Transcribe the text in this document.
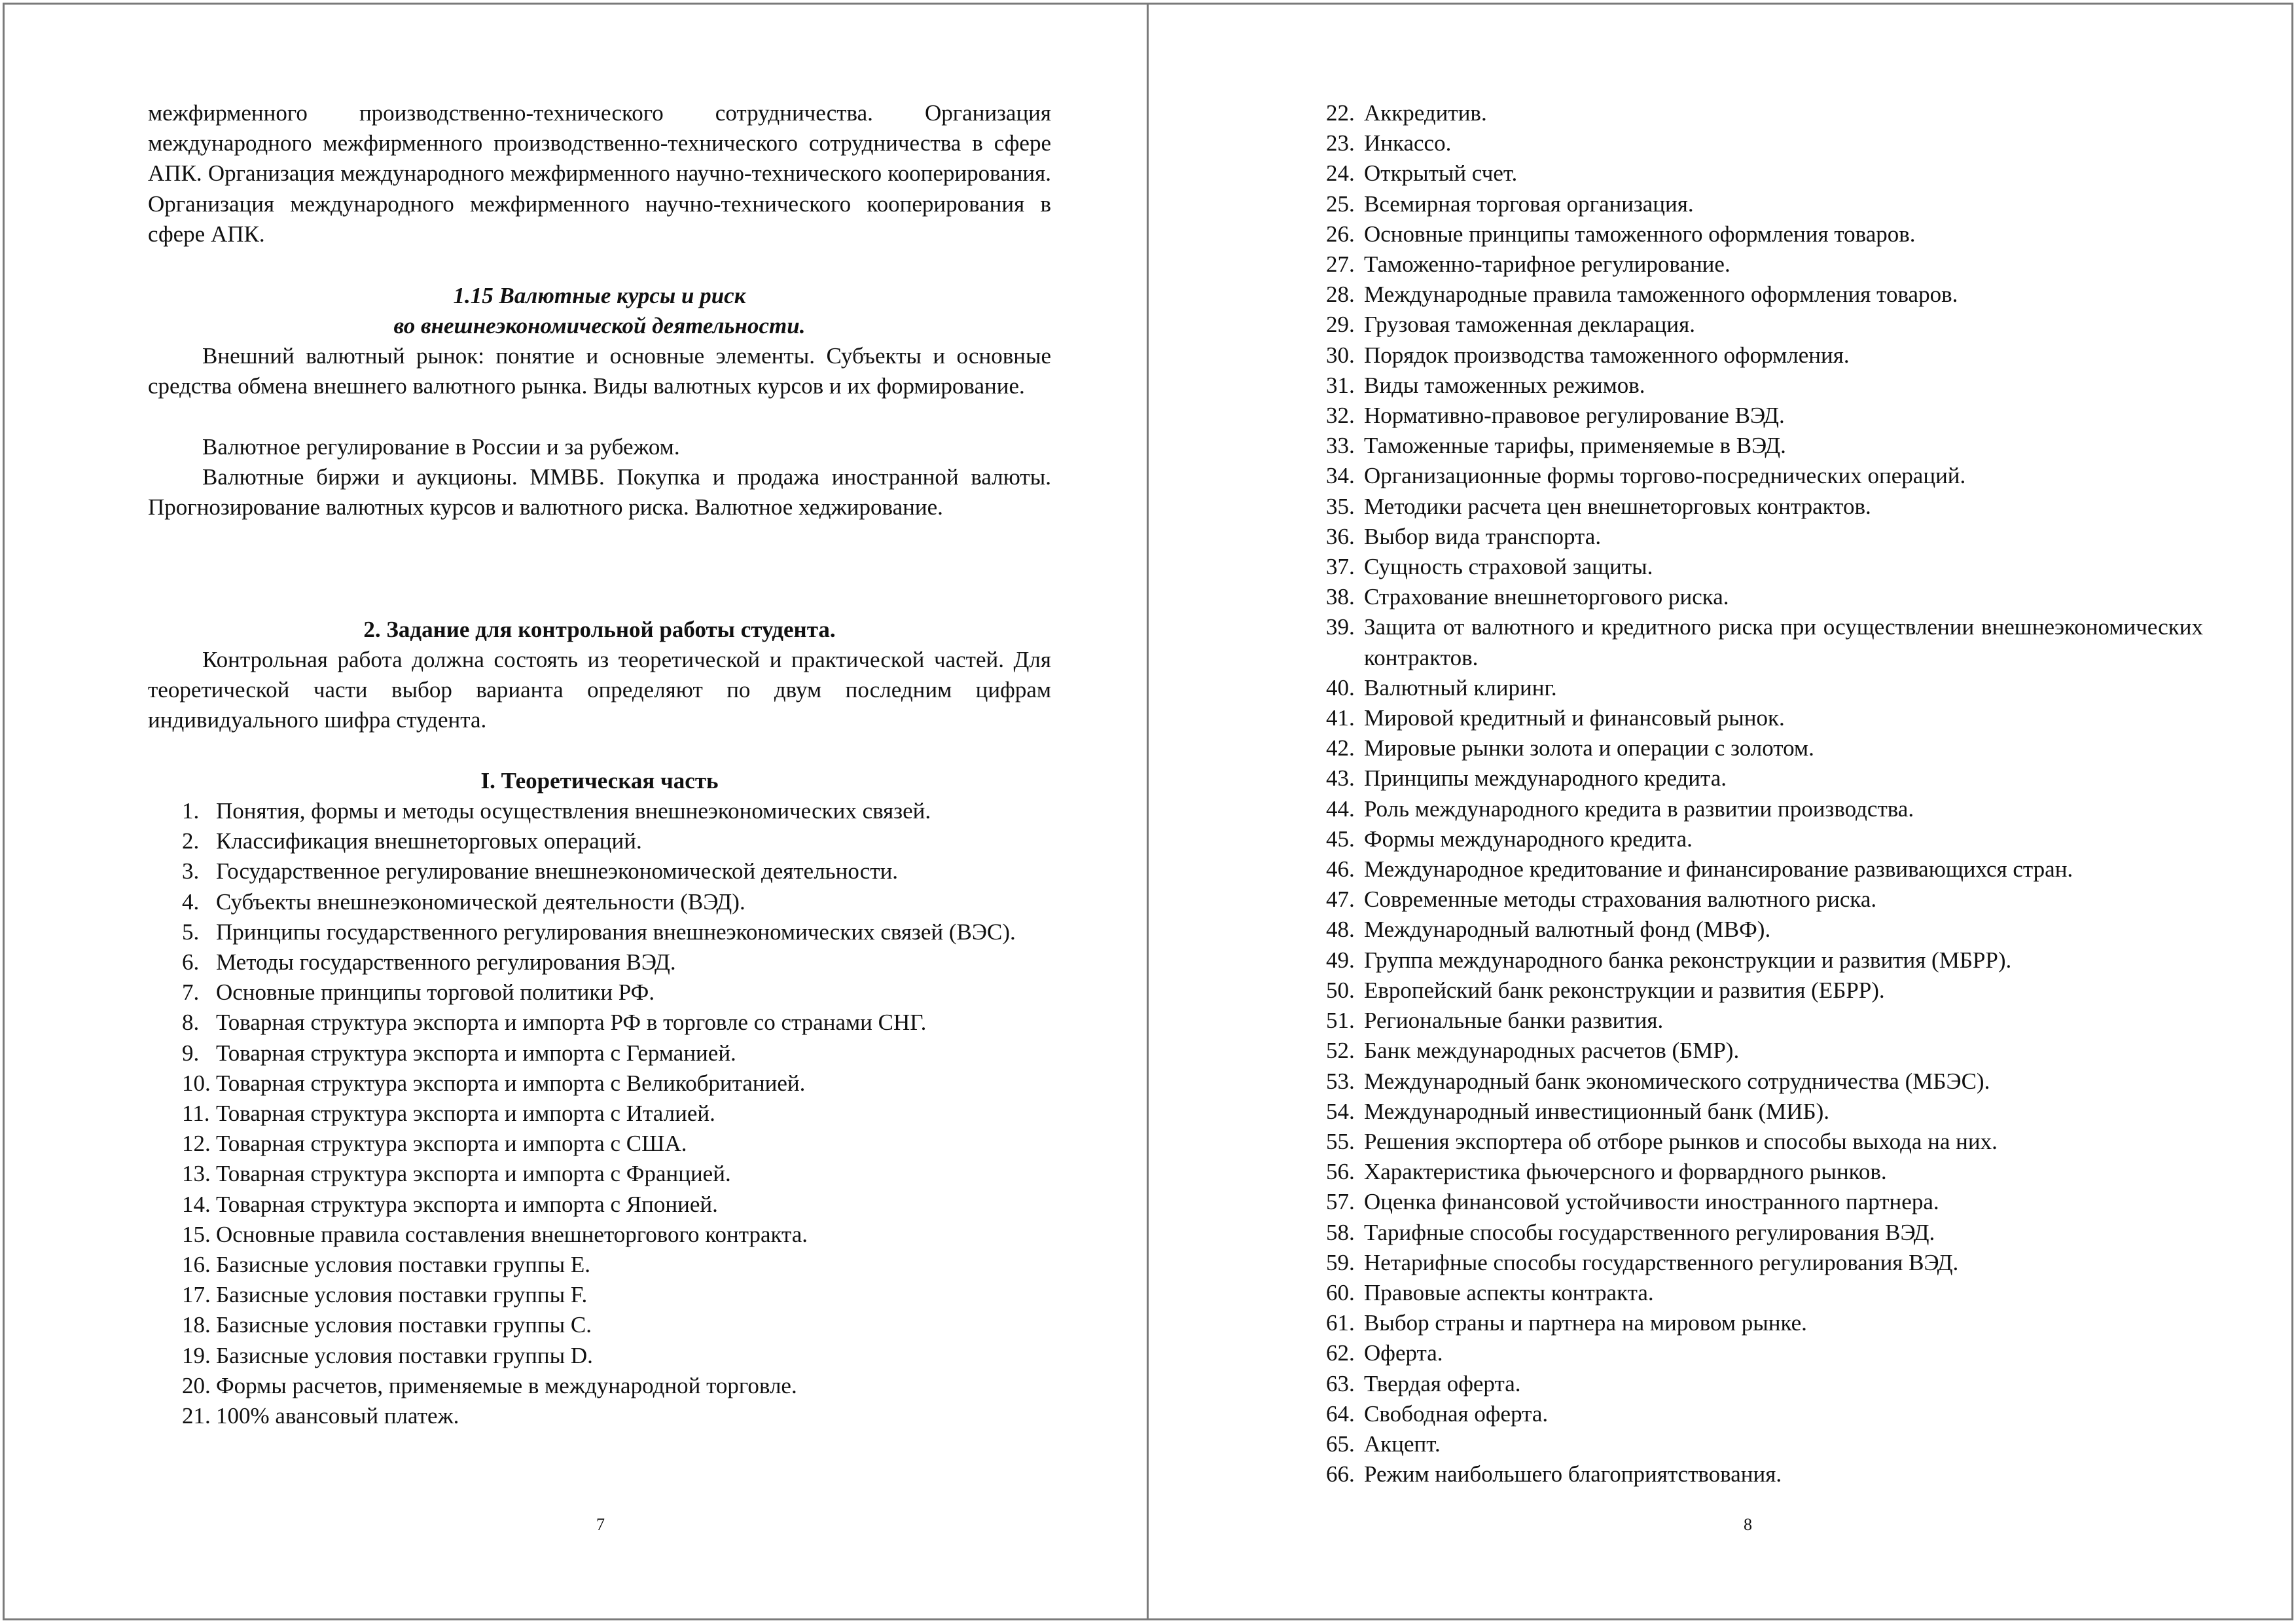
межфирменного производственно-технического сотрудничества. Организация международного межфирменного производственно-технического сотрудничества в сфере АПК. Организация международного межфирменного научно-технического кооперирования. Организация международного межфирменного научно-технического кооперирования в сфере АПК.

1.15 Валютные курсы и риск
во внешнеэкономической деятельности.

Внешний валютный рынок: понятие и основные элементы. Субъекты и основные средства обмена внешнего валютного рынка. Виды валютных курсов и их формирование.

Валютное регулирование в России и за рубежом.

Валютные биржи и аукционы. ММВБ. Покупка и продажа иностранной валюты. Прогнозирование валютных курсов и валютного риска. Валютное хеджирование.

2. Задание для контрольной работы студента.

Контрольная работа должна состоять из теоретической и практической частей. Для теоретической части выбор варианта определяют по двум последним цифрам индивидуального шифра студента.

I. Теоретическая часть
1. Понятия, формы и методы осуществления внешнеэкономических связей.
2. Классификация внешнеторговых операций.
3. Государственное регулирование внешнеэкономической деятельности.
4. Субъекты внешнеэкономической деятельности (ВЭД).
5. Принципы государственного регулирования внешнеэкономических связей (ВЭС).
6. Методы государственного регулирования ВЭД.
7. Основные принципы торговой политики РФ.
8. Товарная структура экспорта и импорта РФ в торговле со странами СНГ.
9. Товарная структура экспорта и импорта с Германией.
10. Товарная структура экспорта и импорта с Великобританией.
11. Товарная структура экспорта и импорта с Италией.
12. Товарная структура экспорта и импорта с США.
13. Товарная структура экспорта и импорта с Францией.
14. Товарная структура экспорта и импорта с Японией.
15. Основные правила составления внешнеторгового контракта.
16. Базисные условия поставки группы Е.
17. Базисные условия поставки группы F.
18. Базисные условия поставки группы С.
19. Базисные условия поставки группы D.
20. Формы расчетов, применяемые в международной торговле.
21. 100% авансовый платеж.
7
22. Аккредитив.
23. Инкассо.
24. Открытый счет.
25. Всемирная торговая организация.
26. Основные принципы таможенного оформления товаров.
27. Таможенно-тарифное регулирование.
28. Международные правила таможенного оформления товаров.
29. Грузовая таможенная декларация.
30. Порядок производства таможенного оформления.
31. Виды таможенных режимов.
32. Нормативно-правовое регулирование ВЭД.
33. Таможенные тарифы, применяемые в ВЭД.
34. Организационные формы торгово-посреднических операций.
35. Методики расчета цен внешнеторговых контрактов.
36. Выбор вида транспорта.
37. Сущность страховой защиты.
38. Страхование внешнеторгового риска.
39. Защита от валютного и кредитного риска при осуществлении внешнеэкономических контрактов.
40. Валютный клиринг.
41. Мировой кредитный и финансовый рынок.
42. Мировые рынки золота и операции с золотом.
43. Принципы международного кредита.
44. Роль международного кредита в развитии производства.
45. Формы международного кредита.
46. Международное кредитование и финансирование развивающихся стран.
47. Современные методы страхования валютного риска.
48. Международный валютный фонд (МВФ).
49. Группа международного банка реконструкции и развития (МБРР).
50. Европейский банк реконструкции и развития (ЕБРР).
51. Региональные банки развития.
52. Банк международных расчетов (БМР).
53. Международный банк экономического сотрудничества (МБЭС).
54. Международный инвестиционный банк (МИБ).
55. Решения экспортера об отборе рынков и способы выхода на них.
56. Характеристика фьючерсного и форвардного рынков.
57. Оценка финансовой устойчивости иностранного партнера.
58. Тарифные способы государственного регулирования ВЭД.
59. Нетарифные способы государственного регулирования ВЭД.
60. Правовые аспекты контракта.
61. Выбор страны и партнера на мировом рынке.
62. Оферта.
63. Твердая оферта.
64. Свободная оферта.
65. Акцепт.
66. Режим наибольшего благоприятствования.
8
